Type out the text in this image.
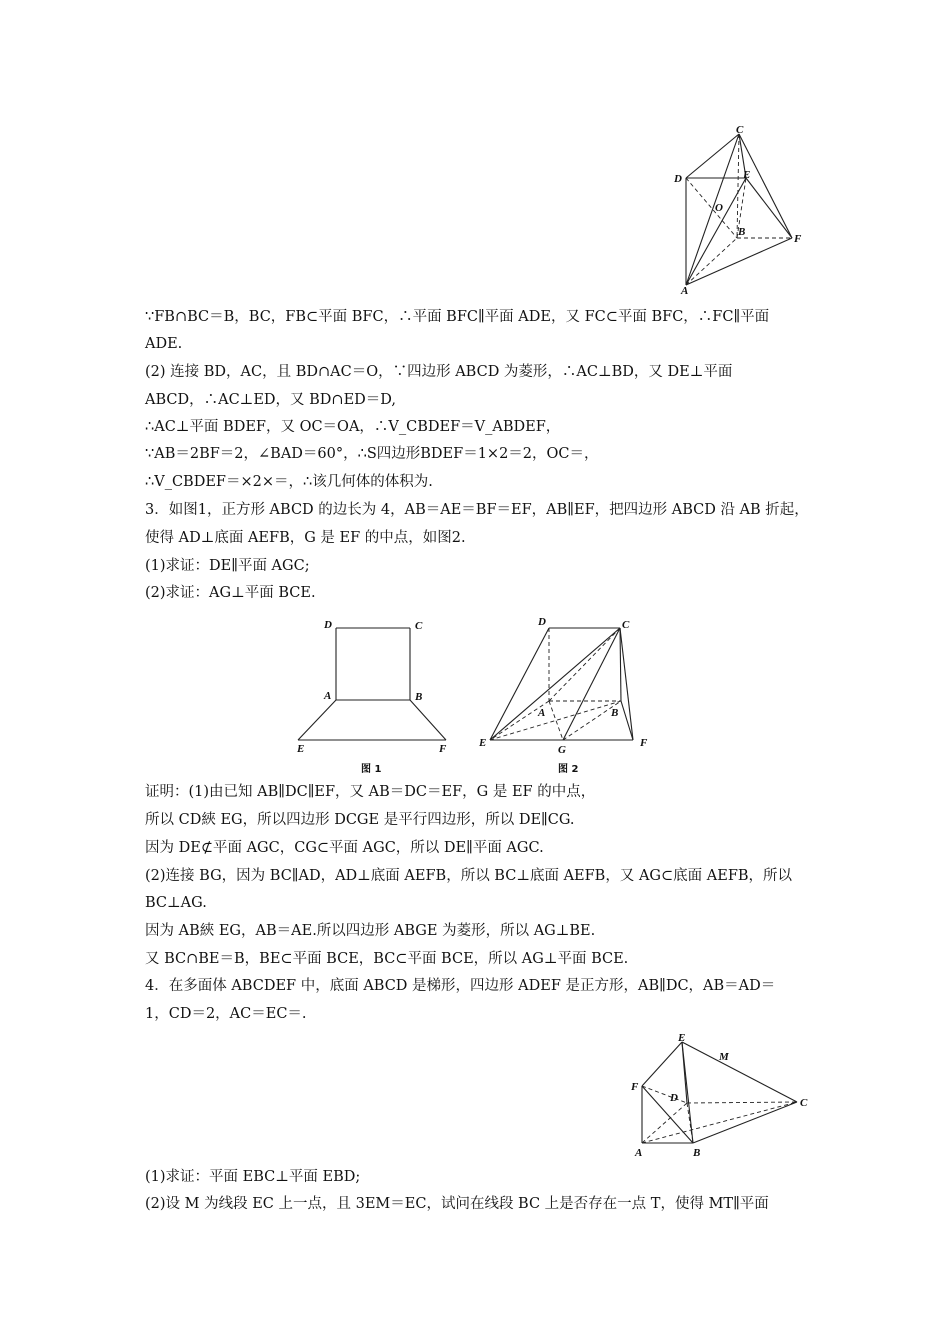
C
D	E
O
B
F
A
∵FB∩BC＝B，BC，FB⊂平面 BFC，∴平面 BFC∥平面 ADE，又 FC⊂平面 BFC，∴FC∥平面
ADE.
(2) 连接 BD，AC，且 BD∩AC＝O，∵四边形 ABCD 为菱形，∴AC⊥BD，又 DE⊥平面
ABCD，∴AC⊥ED，又 BD∩ED＝D,
∴AC⊥平面 BDEF，又 OC＝OA，∴V_CBDEF＝V_ABDEF，
∵AB＝2BF＝2，∠BAD＝60°，∴S四边形BDEF＝1×2＝2，OC＝，
∴V_CBDEF＝×2×＝，∴该几何体的体积为.
3．如图1，正方形 ABCD 的边长为 4，AB＝AE＝BF＝EF，AB∥EF，把四边形 ABCD 沿 AB 折起，
使得 AD⊥底面 AEFB，G 是 EF 的中点，如图2.
(1)求证：DE∥平面 AGC;
(2)求证：AG⊥平面 BCE.
D	C
A	B
E	F
图 1
D	C
A	B
E
G
F
图 2
证明：(1)由已知 AB∥DC∥EF，又 AB＝DC＝EF，G 是 EF 的中点，
所以 CD綊 EG，所以四边形 DCGE 是平行四边形，所以 DE∥CG.
因为 DE⊄平面 AGC，CG⊂平面 AGC，所以 DE∥平面 AGC.
(2)连接 BG，因为 BC∥AD，AD⊥底面 AEFB，所以 BC⊥底面 AEFB，又 AG⊂底面 AEFB，所以
BC⊥AG.
因为 AB綊 EG，AB＝AE.所以四边形 ABGE 为菱形，所以 AG⊥BE.
又 BC∩BE＝B，BE⊂平面 BCE，BC⊂平面 BCE，所以 AG⊥平面 BCE.
4．在多面体 ABCDEF 中，底面 ABCD 是梯形，四边形 ADEF 是正方形，AB∥DC，AB＝AD＝
1，CD＝2，AC＝EC＝.
E
M
F
D	C
A	B
(1)求证：平面 EBC⊥平面 EBD;
(2)设 M 为线段 EC 上一点，且 3EM＝EC，试问在线段 BC 上是否存在一点 T，使得 MT∥平面
